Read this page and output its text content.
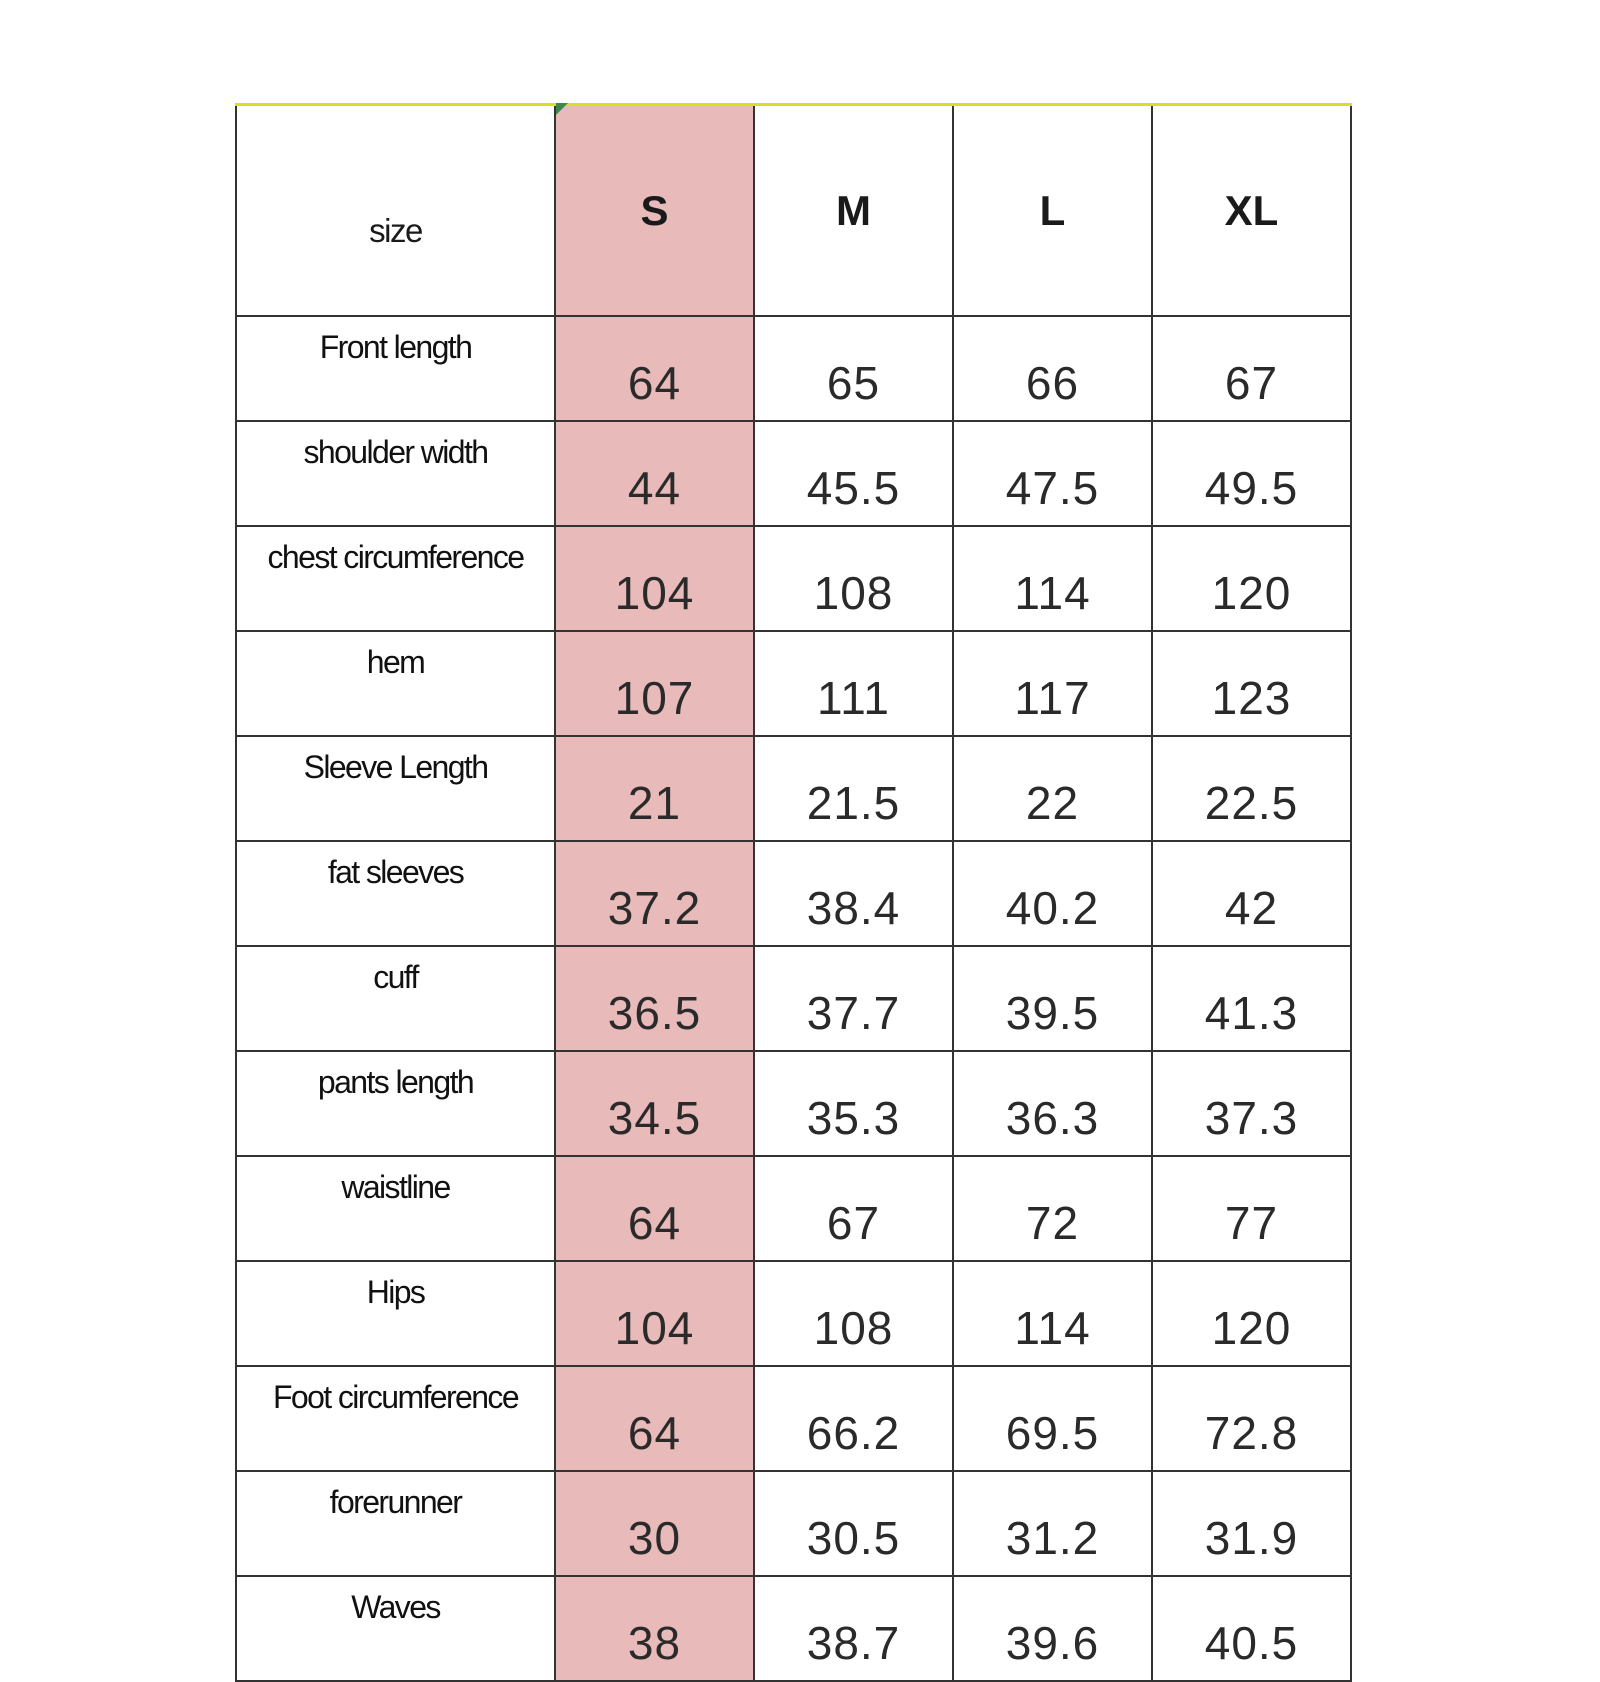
size	S	M	L	XL
Front length	64	65	66	67
shoulder width	44	45.5	47.5	49.5
chest circumference	104	108	114	120
hem	107	111	117	123
Sleeve Length	21	21.5	22	22.5
fat sleeves	37.2	38.4	40.2	42
cuff	36.5	37.7	39.5	41.3
pants length	34.5	35.3	36.3	37.3
waistline	64	67	72	77
Hips	104	108	114	120
Foot circumference	64	66.2	69.5	72.8
forerunner	30	30.5	31.2	31.9
Waves	38	38.7	39.6	40.5
